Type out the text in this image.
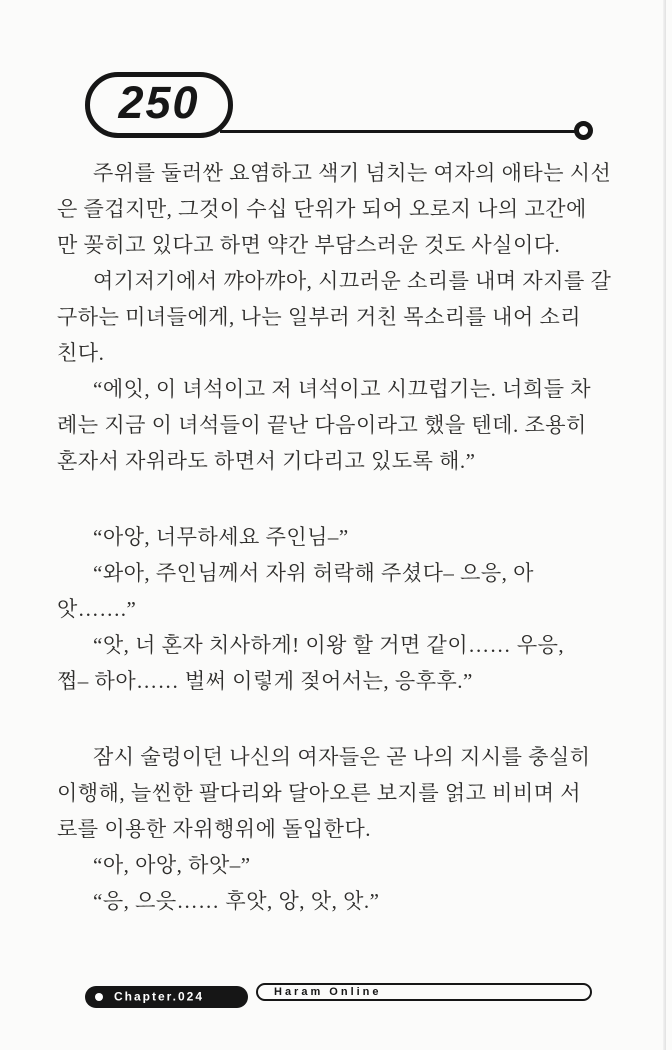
250
주위를 둘러싼 요염하고 색기 넘치는 여자의 애타는 시선
은 즐겁지만, 그것이 수십 단위가 되어 오로지 나의 고간에
만 꽂히고 있다고 하면 약간 부담스러운 것도 사실이다.
여기저기에서 꺄아꺄아, 시끄러운 소리를 내며 자지를 갈
구하는 미녀들에게, 나는 일부러 거친 목소리를 내어 소리
친다.
“에잇, 이 녀석이고 저 녀석이고 시끄럽기는. 너희들 차
례는 지금 이 녀석들이 끝난 다음이라고 했을 텐데. 조용히
혼자서 자위라도 하면서 기다리고 있도록 해.”
“아앙, 너무하세요 주인님–”
“와아, 주인님께서 자위 허락해 주셨다– 으응, 아
앗…….”
“앗, 너 혼자 치사하게! 이왕 할 거면 같이…… 우응,
쩝– 하아…… 벌써 이렇게 젖어서는, 응후후.”
잠시 술렁이던 나신의 여자들은 곧 나의 지시를 충실히
이행해, 늘씬한 팔다리와 달아오른 보지를 얽고 비비며 서
로를 이용한 자위행위에 돌입한다.
“아, 아앙, 하앗–”
“응, 으읏…… 후앗, 앙, 앗, 앗.”
Chapter.024	Haram Online
